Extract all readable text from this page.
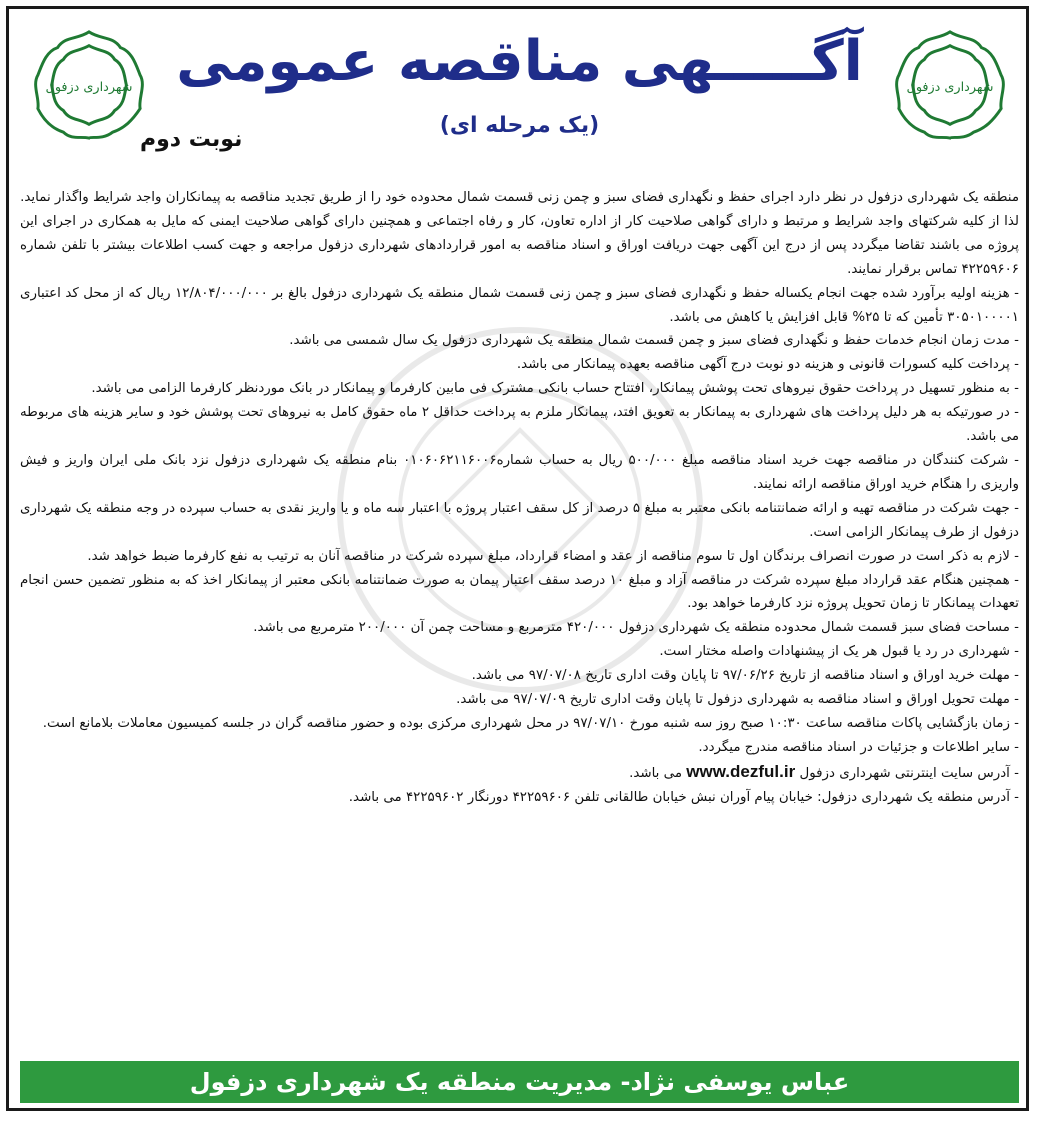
شهرداری دزفول
شهرداری دزفول آگـــــهی مناقصه عمومی
(یک مرحله ای)
نوبت دوم

منطقه یک شهرداری دزفول در نظر دارد اجرای حفظ و نگهداری فضای سبز و چمن زنی قسمت شمال محدوده خود را از طریق تجدید مناقصه به پیمانکاران واجد شرایط واگذار نماید.

لذا از کلیه شرکتهای واجد شرایط و مرتبط و دارای گواهی صلاحیت کار از اداره تعاون، کار و رفاه اجتماعی و همچنین دارای گواهی صلاحیت ایمنی که مایل به همکاری در اجرای این پروژه می باشند تقاضا میگردد پس از درج این آگهی جهت دریافت اوراق و اسناد مناقصه به امور قراردادهای شهرداری دزفول مراجعه و جهت کسب اطلاعات بیشتر با تلفن شماره ۴۲۲۵۹۶۰۶ تماس برقرار نمایند.

- هزینه اولیه برآورد شده جهت انجام یکساله حفظ و نگهداری فضای سبز و چمن زنی قسمت شمال منطقه یک شهرداری دزفول بالغ بر ۱۲/۸۰۴/۰۰۰/۰۰۰ ریال که از محل کد اعتباری ۳۰۵۰۱۰۰۰۰۱ تأمین که تا ۲۵% قابل افزایش یا کاهش می باشد.

- مدت زمان انجام خدمات حفظ و نگهداری فضای سبز و چمن قسمت شمال منطقه یک شهرداری دزفول یک سال شمسی می باشد.

- پرداخت کلیه کسورات قانونی و هزینه دو نوبت درج آگهی مناقصه بعهده پیمانکار می باشد.

- به منظور تسهیل در پرداخت حقوق نیروهای تحت پوشش پیمانکار، افتتاح حساب بانکی مشترک فی مابین کارفرما و پیمانکار در بانک موردنظر کارفرما الزامی می باشد.

- در صورتیکه به هر دلیل پرداخت های شهرداری به پیمانکار به تعویق افتد، پیمانکار ملزم به پرداخت حداقل ۲ ماه حقوق کامل به نیروهای تحت پوشش خود و سایر هزینه های مربوطه می باشد.

- شرکت کنندگان در مناقصه جهت خرید اسناد مناقصه مبلغ ۵۰۰/۰۰۰ ریال به حساب شماره۰۱۰۶۰۶۲۱۱۶۰۰۶ بنام منطقه یک شهرداری دزفول نزد بانک ملی ایران واریز و فیش واریزی را هنگام خرید اوراق مناقصه ارائه نمایند.

- جهت شرکت در مناقصه تهیه و ارائه ضمانتنامه بانکی معتبر به مبلغ ۵ درصد از کل سقف اعتبار پروژه با اعتبار سه ماه و یا واریز نقدی به حساب سپرده در وجه منطقه یک شهرداری دزفول از طرف پیمانکار الزامی است.

- لازم به ذکر است در صورت انصراف برندگان اول تا سوم مناقصه از عقد و امضاء قرارداد، مبلغ سپرده شرکت در مناقصه آنان به ترتیب به نفع کارفرما ضبط خواهد شد.

- همچنین هنگام عقد قرارداد مبلغ سپرده شرکت در مناقصه آزاد و مبلغ ۱۰ درصد سقف اعتبار پیمان به صورت ضمانتنامه بانکی معتبر از پیمانکار اخذ که به منظور تضمین حسن انجام تعهدات پیمانکار تا زمان تحویل پروژه نزد کارفرما خواهد بود.

- مساحت فضای سبز قسمت شمال محدوده منطقه یک شهرداری دزفول ۴۲۰/۰۰۰ مترمربع و مساحت چمن آن ۲۰۰/۰۰۰ مترمربع می باشد.

- شهرداری در رد یا قبول هر یک از پیشنهادات واصله مختار است.

- مهلت خرید اوراق و اسناد مناقصه از تاریخ ۹۷/۰۶/۲۶ تا پایان وقت اداری تاریخ ۹۷/۰۷/۰۸ می باشد.

- مهلت تحویل اوراق و اسناد مناقصه به شهرداری دزفول تا پایان وقت اداری تاریخ ۹۷/۰۷/۰۹ می باشد.

- زمان بازگشایی پاکات مناقصه ساعت ۱۰:۳۰ صبح روز سه شنبه مورخ ۹۷/۰۷/۱۰ در محل شهرداری مرکزی بوده و حضور مناقصه گران در جلسه کمیسیون معاملات بلامانع است.

- سایر اطلاعات و جزئیات در اسناد مناقصه مندرج میگردد.

- آدرس سایت اینترنتی شهرداری دزفول www.dezful.ir می باشد.

- آدرس منطقه یک شهرداری دزفول: خیابان پیام آوران نبش خیابان طالقانی تلفن ۴۲۲۵۹۶۰۶ دورنگار ۴۲۲۵۹۶۰۲ می باشد.

عباس یوسفی نژاد- مدیریت منطقه یک شهرداری دزفول
